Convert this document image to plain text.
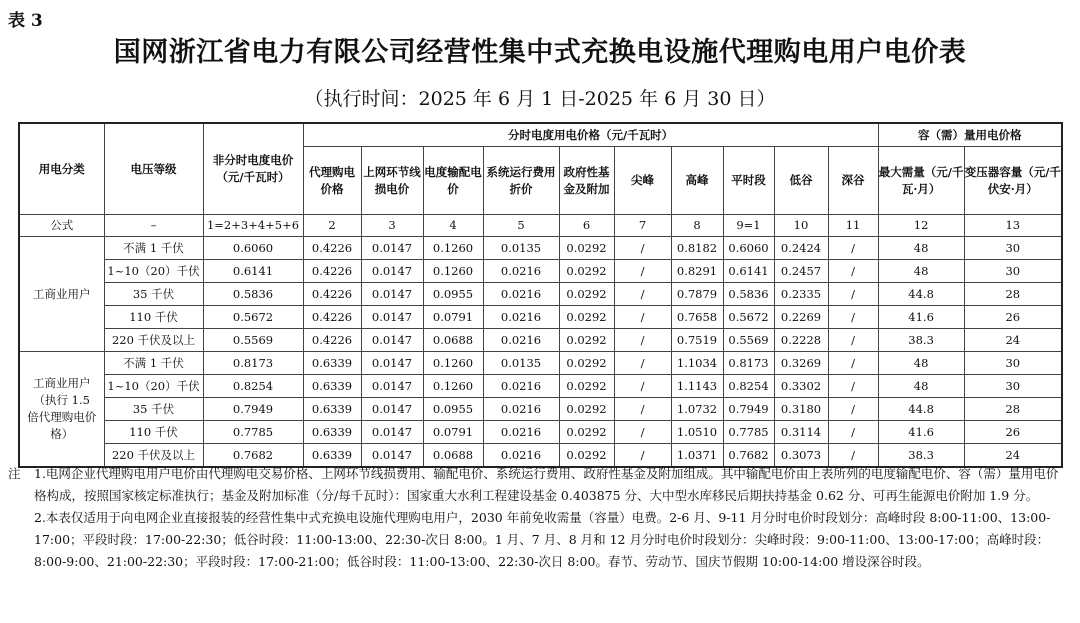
表 3
国网浙江省电力有限公司经营性集中式充换电设施代理购电用户电价表
（执行时间：2025 年 6 月 1 日-2025 年 6 月 30 日）
用电分类	电压等级	非分时电度电价（元/千瓦时）	分时电度用电价格（元/千瓦时）										容（需）量用电价格	
			代理购电价格	上网环节线损电价	电度输配电价	系统运行费用折价	政府性基金及附加	尖峰	高峰	平时段	低谷	深谷	最大需量（元/千瓦·月）	变压器容量（元/千伏安·月）
公式	–	1=2+3+4+5+6	2	3	4	5	6	7	8	9=1	10	11	12	13
工商业用户	不满 1 千伏	0.6060	0.4226	0.0147	0.1260	0.0135	0.0292	/	0.8182	0.6060	0.2424	/	48	30
	1~10（20）千伏	0.6141	0.4226	0.0147	0.1260	0.0216	0.0292	/	0.8291	0.6141	0.2457	/	48	30
	35 千伏	0.5836	0.4226	0.0147	0.0955	0.0216	0.0292	/	0.7879	0.5836	0.2335	/	44.8	28
	110 千伏	0.5672	0.4226	0.0147	0.0791	0.0216	0.0292	/	0.7658	0.5672	0.2269	/	41.6	26
	220 千伏及以上	0.5569	0.4226	0.0147	0.0688	0.0216	0.0292	/	0.7519	0.5569	0.2228	/	38.3	24
工商业用户（执行 1.5 倍代理购电价格）	不满 1 千伏	0.8173	0.6339	0.0147	0.1260	0.0135	0.0292	/	1.1034	0.8173	0.3269	/	48	30
	1~10（20）千伏	0.8254	0.6339	0.0147	0.1260	0.0216	0.0292	/	1.1143	0.8254	0.3302	/	48	30
	35 千伏	0.7949	0.6339	0.0147	0.0955	0.0216	0.0292	/	1.0732	0.7949	0.3180	/	44.8	28
	110 千伏	0.7785	0.6339	0.0147	0.0791	0.0216	0.0292	/	1.0510	0.7785	0.3114	/	41.6	26
	220 千伏及以上	0.7682	0.6339	0.0147	0.0688	0.0216	0.0292	/	1.0371	0.7682	0.3073	/	38.3	24
注	1.电网企业代理购电用户电价由代理购电交易价格、上网环节线损费用、输配电价、系统运行费用、政府性基金及附加组成。其中输配电价由上表所列的电度输配电价、容（需）量用电价格构成，按照国家核定标准执行；基金及附加标准（分/每千瓦时）：国家重大水利工程建设基金 0.403875 分、大中型水库移民后期扶持基金 0.62 分、可再生能源电价附加 1.9 分。
2.本表仅适用于向电网企业直接报装的经营性集中式充换电设施代理购电用户，2030 年前免收需量（容量）电费。2-6 月、9-11 月分时电价时段划分：高峰时段 8:00-11:00、13:00-17:00；平段时段：17:00-22:30；低谷时段：11:00-13:00、22:30-次日 8:00。1 月、7 月、8 月和 12 月分时电价时段划分：尖峰时段：9:00-11:00、13:00-17:00；高峰时段：8:00-9:00、21:00-22:30；平段时段：17:00-21:00；低谷时段：11:00-13:00、22:30-次日 8:00。春节、劳动节、国庆节假期 10:00-14:00 增设深谷时段。
